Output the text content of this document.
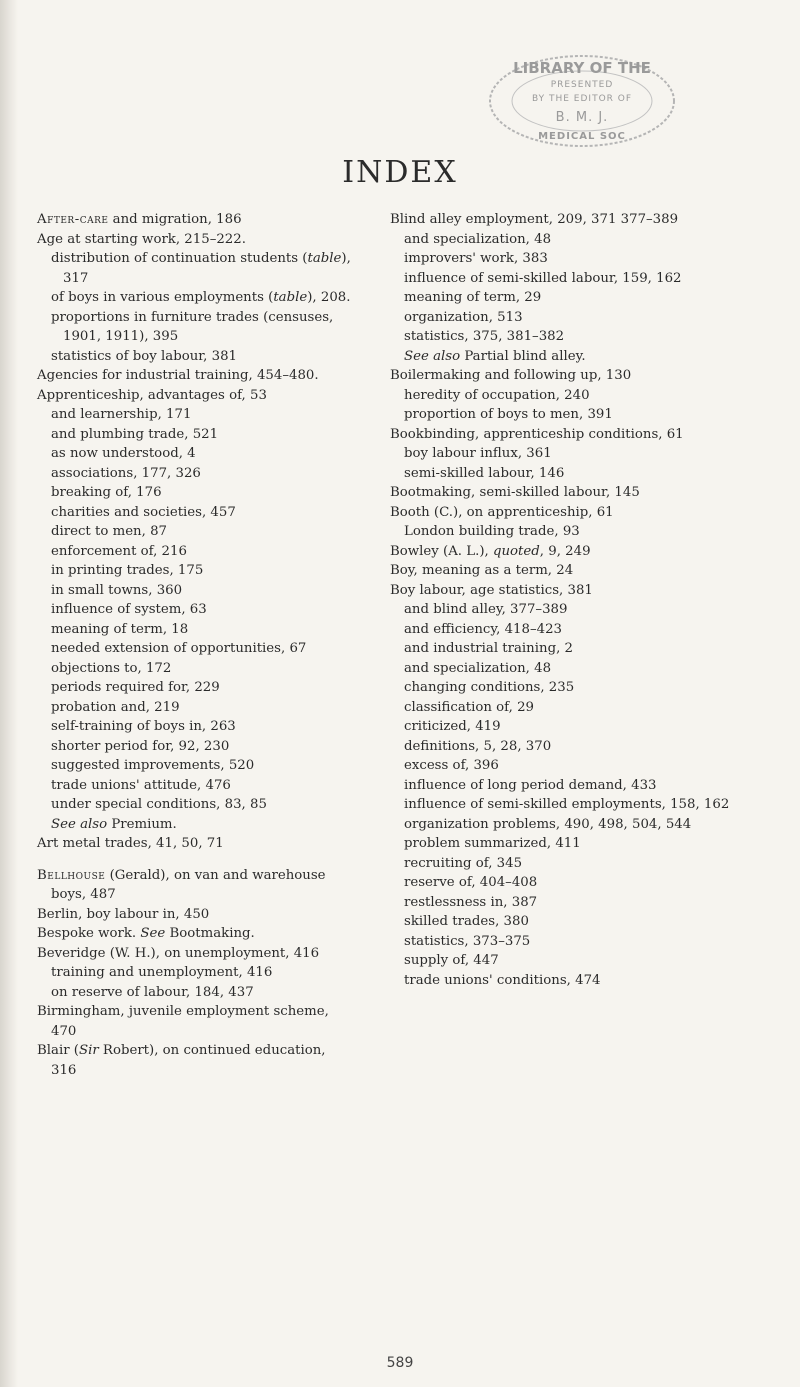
LIBRARY OF THE
PRESENTED
BY THE EDITOR OF
B. M. J.
MEDICAL SOC
INDEX
After-care and migration, 186
Age at starting work, 215–222.
distribution of continuation students (table), 317
of boys in various employments (table), 208.
proportions in furniture trades (censuses, 1901, 1911), 395
statistics of boy labour, 381
Agencies for industrial training, 454–480.
Apprenticeship, advantages of, 53
and learnership, 171
and plumbing trade, 521
as now understood, 4
associations, 177, 326
breaking of, 176
charities and societies, 457
direct to men, 87
enforcement of, 216
in printing trades, 175
in small towns, 360
influence of system, 63
meaning of term, 18
needed extension of opportunities, 67
objections to, 172
periods required for, 229
probation and, 219
self-training of boys in, 263
shorter period for, 92, 230
suggested improvements, 520
trade unions' attitude, 476
under special conditions, 83, 85
See also Premium.
Art metal trades, 41, 50, 71
Bellhouse (Gerald), on van and warehouse boys, 487
Berlin, boy labour in, 450
Bespoke work. See Bootmaking.
Beveridge (W. H.), on unemployment, 416
training and unemployment, 416
on reserve of labour, 184, 437
Birmingham, juvenile employment scheme, 470
Blair (Sir Robert), on continued education, 316
Blind alley employment, 209, 371 377–389
and specialization, 48
improvers' work, 383
influence of semi-skilled labour, 159, 162
meaning of term, 29
organization, 513
statistics, 375, 381–382
See also Partial blind alley.
Boilermaking and following up, 130
heredity of occupation, 240
proportion of boys to men, 391
Bookbinding, apprenticeship conditions, 61
boy labour influx, 361
semi-skilled labour, 146
Bootmaking, semi-skilled labour, 145
Booth (C.), on apprenticeship, 61
London building trade, 93
Bowley (A. L.), quoted, 9, 249
Boy, meaning as a term, 24
Boy labour, age statistics, 381
and blind alley, 377–389
and efficiency, 418–423
and industrial training, 2
and specialization, 48
changing conditions, 235
classification of, 29
criticized, 419
definitions, 5, 28, 370
excess of, 396
influence of long period demand, 433
influence of semi-skilled employments, 158, 162
organization problems, 490, 498, 504, 544
problem summarized, 411
recruiting of, 345
reserve of, 404–408
restlessness in, 387
skilled trades, 380
statistics, 373–375
supply of, 447
trade unions' conditions, 474
589
